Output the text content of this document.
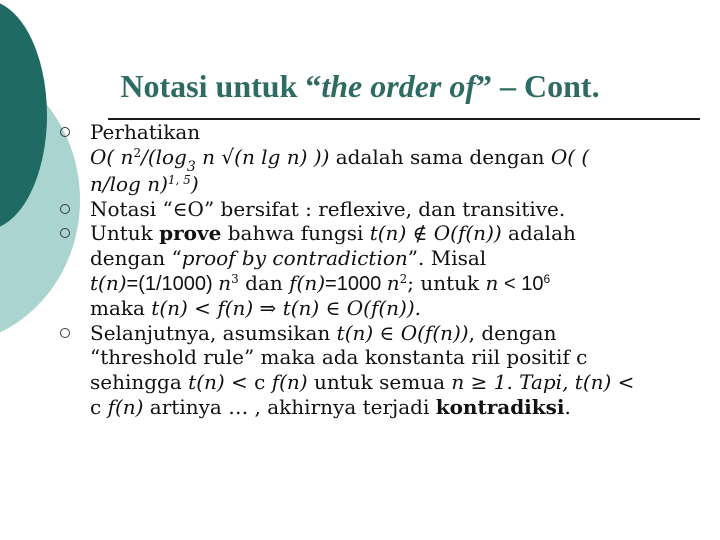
Notasi untuk “the order of” – Cont.
Perhatikan
O( $n^2/(\log_3$ n √(n lg n) )) adalah sama dengan O( (
n/log n)$^{1, 5}$)
Notasi “∈O” bersifat : reflexive, dan transitive.
Untuk prove bahwa fungsi t(n) ∉ O(f(n)) adalah
dengan “proof by contradiction”. Misal
t(n)=(1/1000) $n^3$ dan f(n)=1000 $n^2$; untuk $n < 10^6$
maka t(n) < f(n) ⇒ t(n) ∈ O(f(n)).
Selanjutnya, asumsikan t(n) ∈ O(f(n)), dengan
“threshold rule” maka ada konstanta riil positif c
sehingga t(n) < c f(n) untuk semua n ≥ 1. Tapi, t(n) <
c f(n) artinya … , akhirnya terjadi kontradiksi.
